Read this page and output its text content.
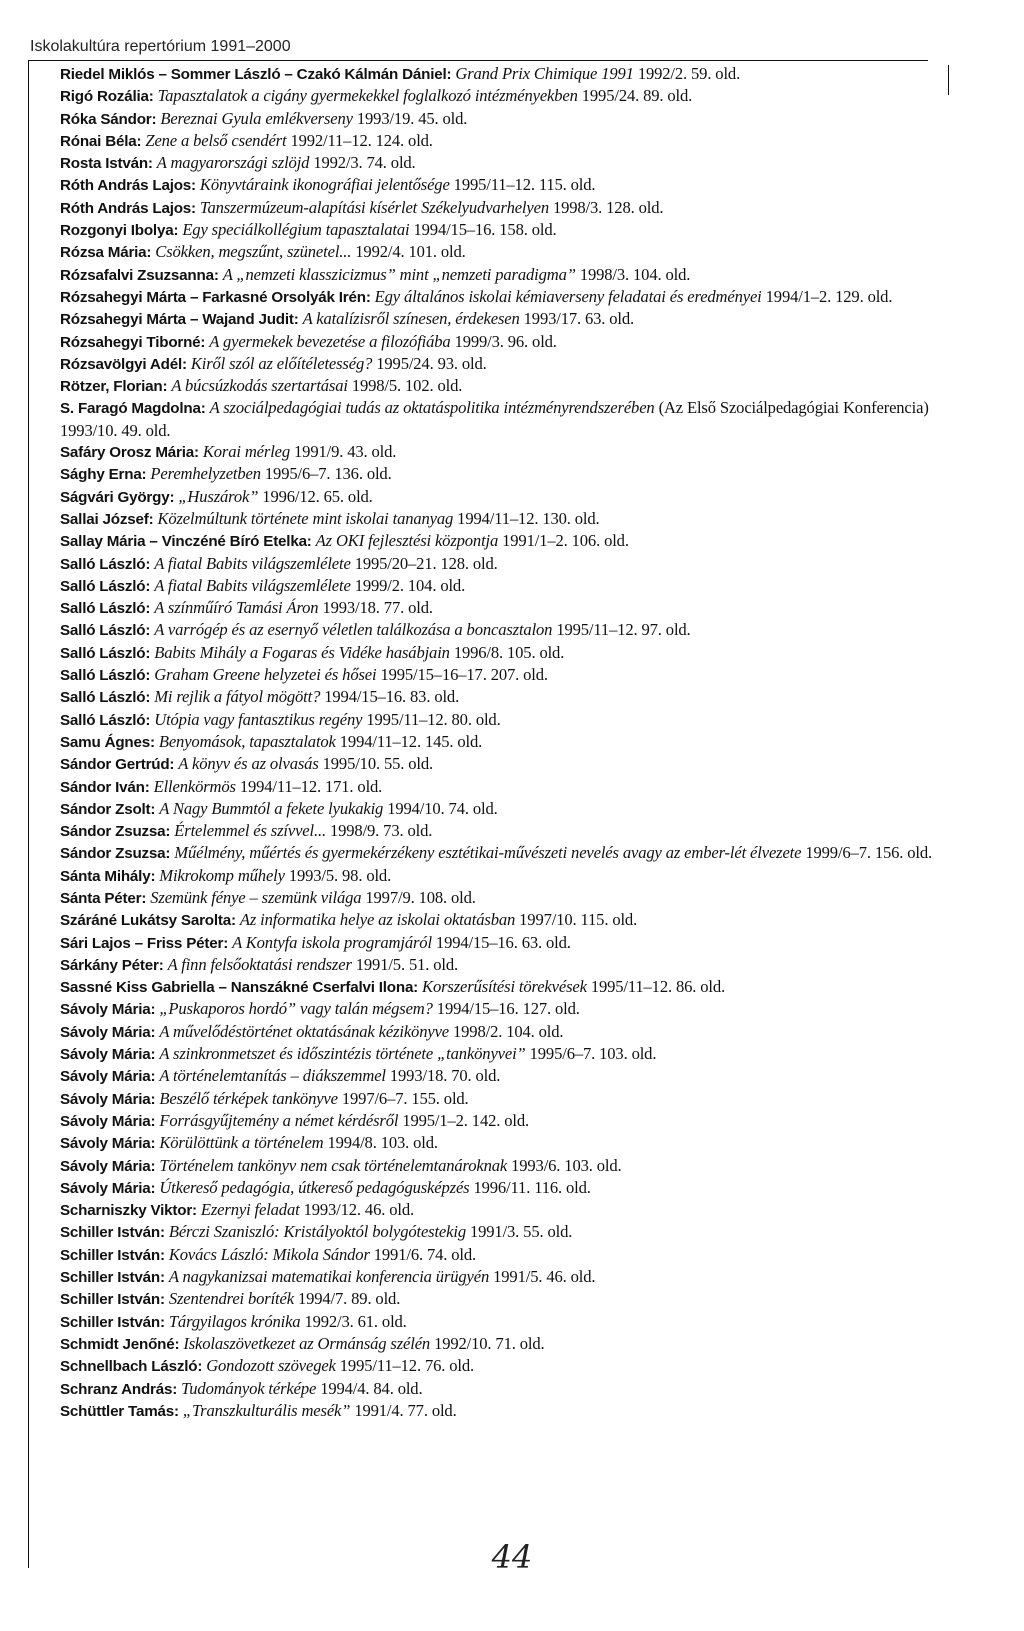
Iskolakultúra repertórium 1991–2000
Riedel Miklós – Sommer László – Czakó Kálmán Dániel: Grand Prix Chimique 1991 1992/2. 59. old.
Rigó Rozália: Tapasztalatok a cigány gyermekekkel foglalkozó intézményekben 1995/24. 89. old.
Róka Sándor: Bereznai Gyula emlékverseny 1993/19. 45. old.
Rónai Béla: Zene a belső csendért 1992/11–12. 124. old.
Rosta István: A magyarországi szlöjd 1992/3. 74. old.
Róth András Lajos: Könyvtáraink ikonográfiai jelentősége 1995/11–12. 115. old.
Róth András Lajos: Tanszermúzeum-alapítási kísérlet Székelyudvarhelyen 1998/3. 128. old.
Rozgonyi Ibolya: Egy speciálkollégium tapasztalatai 1994/15–16. 158. old.
Rózsa Mária: Csökken, megszűnt, szünetel... 1992/4. 101. old.
Rózsafalvi Zsuzsanna: A „nemzeti klasszicizmus” mint „nemzeti paradigma” 1998/3. 104. old.
Rózsahegyi Márta – Farkasné Orsolyák Irén: Egy általános iskolai kémiaverseny feladatai és eredményei 1994/1–2. 129. old.
Rózsahegyi Márta – Wajand Judit: A katalízisről színesen, érdekesen 1993/17. 63. old.
Rózsahegyi Tiborné: A gyermekek bevezetése a filozófiába 1999/3. 96. old.
Rózsavölgyi Adél: Kiről szól az előítéletesség? 1995/24. 93. old.
Rötzer, Florian: A búcsúzkodás szertartásai 1998/5. 102. old.
S. Faragó Magdolna: A szociálpedagógiai tudás az oktatáspolitika intézményrendszerében (Az Első Szociálpedagógiai Konferencia) 1993/10. 49. old.
Safáry Orosz Mária: Korai mérleg 1991/9. 43. old.
Sághy Erna: Peremhelyzetben 1995/6–7. 136. old.
Ságvári György: „Huszárok” 1996/12. 65. old.
Sallai József: Közelmúltunk története mint iskolai tananyag 1994/11–12. 130. old.
Sallay Mária – Vinczéné Bíró Etelka: Az OKI fejlesztési központja 1991/1–2. 106. old.
Salló László: A fiatal Babits világszemlélete 1995/20–21. 128. old.
Salló László: A fiatal Babits világszemlélete 1999/2. 104. old.
Salló László: A színműíró Tamási Áron 1993/18. 77. old.
Salló László: A varrógép és az esernyő véletlen találkozása a boncasztalon 1995/11–12. 97. old.
Salló László: Babits Mihály a Fogaras és Vidéke hasábjain 1996/8. 105. old.
Salló László: Graham Greene helyzetei és hősei 1995/15–16–17. 207. old.
Salló László: Mi rejlik a fátyol mögött? 1994/15–16. 83. old.
Salló László: Utópia vagy fantasztikus regény 1995/11–12. 80. old.
Samu Ágnes: Benyomások, tapasztalatok 1994/11–12. 145. old.
Sándor Gertrúd: A könyv és az olvasás 1995/10. 55. old.
Sándor Iván: Ellenkörmös 1994/11–12. 171. old.
Sándor Zsolt: A Nagy Bummtól a fekete lyukakig 1994/10. 74. old.
Sándor Zsuzsa: Értelemmel és szívvel... 1998/9. 73. old.
Sándor Zsuzsa: Műélmény, műértés és gyermekérzékeny esztétikai-művészeti nevelés avagy az ember-lét élvezete 1999/6–7. 156. old.
Sánta Mihály: Mikrokomp műhely 1993/5. 98. old.
Sánta Péter: Szemünk fénye – szemünk világa 1997/9. 108. old.
Száráné Lukátsy Sarolta: Az informatika helye az iskolai oktatásban 1997/10. 115. old.
Sári Lajos – Friss Péter: A Kontyfa iskola programjáról 1994/15–16. 63. old.
Sárkány Péter: A finn felsőoktatási rendszer 1991/5. 51. old.
Sassné Kiss Gabriella – Nanszákné Cserfalvi Ilona: Korszerűsítési törekvések 1995/11–12. 86. old.
Sávoly Mária: „Puskaporos hordó” vagy talán mégsem? 1994/15–16. 127. old.
Sávoly Mária: A művelődéstörténet oktatásának kézikönyve 1998/2. 104. old.
Sávoly Mária: A szinkronmetszet és időszintézis története „tankönyvei” 1995/6–7. 103. old.
Sávoly Mária: A történelemtanítás – diákszemmel 1993/18. 70. old.
Sávoly Mária: Beszélő térképek tankönyve 1997/6–7. 155. old.
Sávoly Mária: Forrásgyűjtemény a német kérdésről 1995/1–2. 142. old.
Sávoly Mária: Körülöttünk a történelem 1994/8. 103. old.
Sávoly Mária: Történelem tankönyv nem csak történelemtanároknak 1993/6. 103. old.
Sávoly Mária: Útkereső pedagógia, útkereső pedagógusképzés 1996/11. 116. old.
Scharniszky Viktor: Ezernyi feladat 1993/12. 46. old.
Schiller István: Bérczi Szaniszló: Kristályoktól bolygótestekig 1991/3. 55. old.
Schiller István: Kovács László: Mikola Sándor 1991/6. 74. old.
Schiller István: A nagykanizsai matematikai konferencia ürügyén 1991/5. 46. old.
Schiller István: Szentendrei boríték 1994/7. 89. old.
Schiller István: Tárgyilagos krónika 1992/3. 61. old.
Schmidt Jenőné: Iskolaszövetkezet az Ormánság szélén 1992/10. 71. old.
Schnellbach László: Gondozott szövegek 1995/11–12. 76. old.
Schranz András: Tudományok térképe 1994/4. 84. old.
Schüttler Tamás: „Transzkulturális mesék” 1991/4. 77. old.
44
